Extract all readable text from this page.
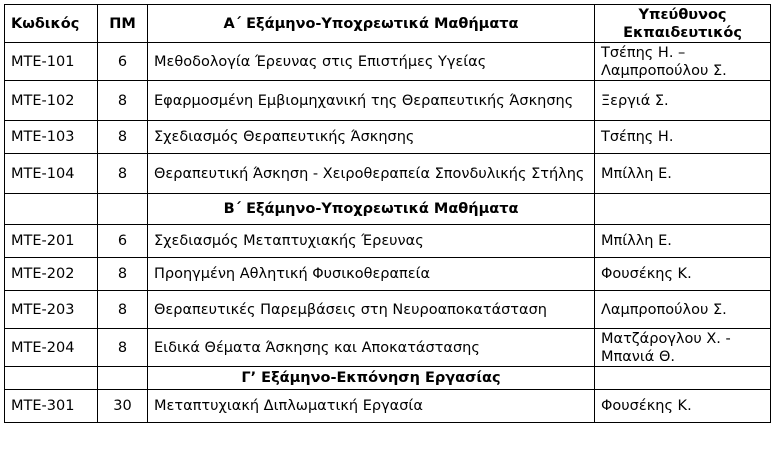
Κωδικός	ΠΜ	Α΄ Εξάμηνο-Υποχρεωτικά Μαθήματα	Υπεύθυνος Εκπαιδευτικός
ΜΤΕ-101	6	Μεθοδολογία Έρευνας στις Επιστήμες Υγείας	Τσέπης Η. – Λαμπροπούλου Σ.
ΜΤΕ-102	8	Εφαρμοσμένη Εμβιομηχανική της Θεραπευτικής Άσκησης	Ξεργιά Σ.
ΜΤΕ-103	8	Σχεδιασμός Θεραπευτικής Άσκησης	Τσέπης Η.
ΜΤΕ-104	8	Θεραπευτική Άσκηση - Χειροθεραπεία Σπονδυλικής Στήλης	Μπίλλη Ε.
		Β΄ Εξάμηνο-Υποχρεωτικά Μαθήματα	
ΜΤΕ-201	6	Σχεδιασμός Μεταπτυχιακής Έρευνας	Μπίλλη Ε.
ΜΤΕ-202	8	Προηγμένη Αθλητική Φυσικοθεραπεία	Φουσέκης Κ.
ΜΤΕ-203	8	Θεραπευτικές Παρεμβάσεις στη Νευροαποκατάσταση	Λαμπροπούλου Σ.
ΜΤΕ-204	8	Ειδικά Θέματα Άσκησης και Αποκατάστασης	Ματζάρογλου Χ. - Μπανιά Θ.
		Γ’ Εξάμηνο-Εκπόνηση Εργασίας	
ΜΤΕ-301	30	Μεταπτυχιακή Διπλωματική Εργασία	Φουσέκης Κ.
